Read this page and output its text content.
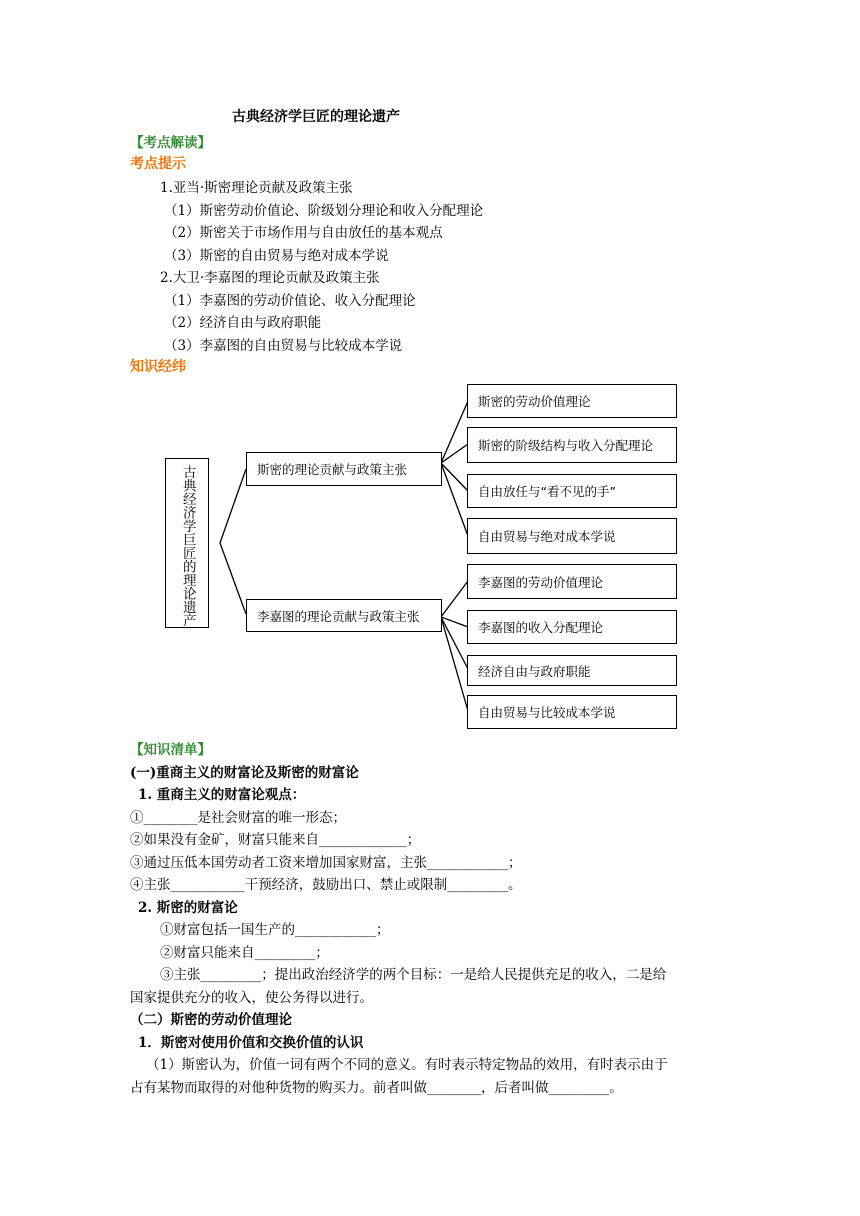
古典经济学巨匠的理论遗产
【考点解读】
考点提示
1.亚当·斯密理论贡献及政策主张
（1）斯密劳动价值论、阶级划分理论和收入分配理论
（2）斯密关于市场作用与自由放任的基本观点
（3）斯密的自由贸易与绝对成本学说
2.大卫·李嘉图的理论贡献及政策主张
（1）李嘉图的劳动价值论、收入分配理论
（2）经济自由与政府职能
（3）李嘉图的自由贸易与比较成本学说
知识经纬
古典经济学巨匠的理论遗产	斯密的理论贡献与政策主张
李嘉图的理论贡献与政策主张
斯密的劳动价值理论
斯密的阶级结构与收入分配理论
自由放任与“看不见的手”
自由贸易与绝对成本学说
李嘉图的劳动价值理论
李嘉图的收入分配理论
经济自由与政府职能
自由贸易与比较成本学说
【知识清单】
(一)重商主义的财富论及斯密的财富论
1. 重商主义的财富论观点：
①________是社会财富的唯一形态；
②如果没有金矿，财富只能来自_____________；
③通过压低本国劳动者工资来增加国家财富，主张____________；
④主张___________干预经济，鼓励出口、禁止或限制_________。
2. 斯密的财富论
①财富包括一国生产的____________；
②财富只能来自_________；
③主张_________；提出政治经济学的两个目标：一是给人民提供充足的收入，二是给
国家提供充分的收入，使公务得以进行。
（二）斯密的劳动价值理论
1．斯密对使用价值和交换价值的认识
（1）斯密认为，价值一词有两个不同的意义。有时表示特定物品的效用，有时表示由于
占有某物而取得的对他种货物的购买力。前者叫做________，后者叫做_________。
